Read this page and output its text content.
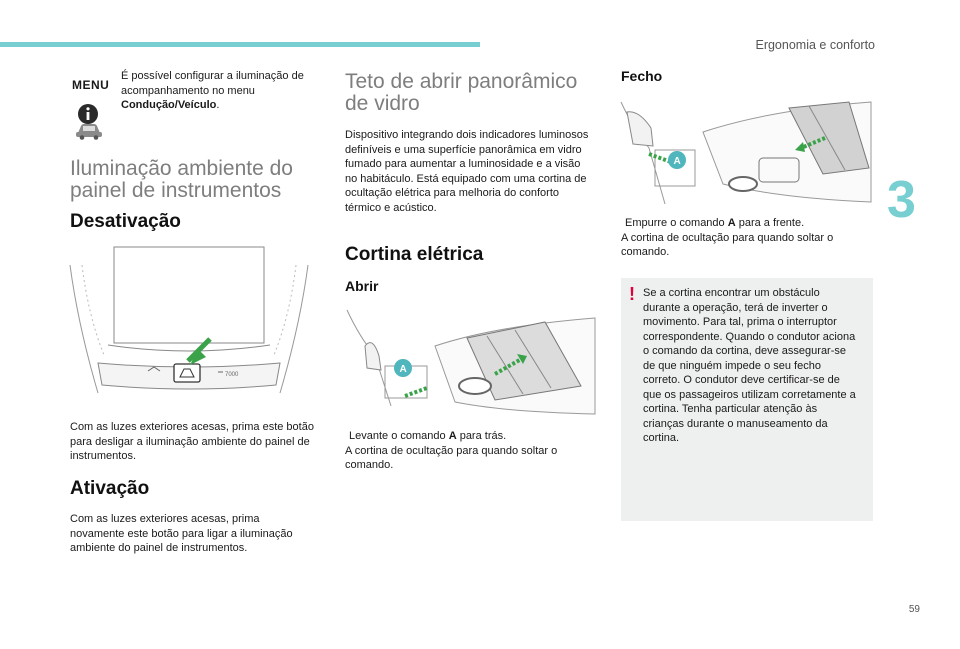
Ergonomia e conforto
3
MENU
É possível configurar a iluminação de acompanhamento no menu Condução/Veículo.
Iluminação ambiente do painel de instrumentos
Desativação
7000
Com as luzes exteriores acesas, prima este botão para desligar a iluminação ambiente do painel de instrumentos.
Ativação
Com as luzes exteriores acesas, prima novamente este botão para ligar a iluminação ambiente do painel de instrumentos.
Teto de abrir panorâmico de vidro
Dispositivo integrando dois indicadores luminosos definíveis e uma superfície panorâmica em vidro fumado para aumentar a luminosidade e a visão no habitáculo. Está equipado com uma cortina de ocultação elétrica para melhoria do conforto térmico e acústico.
Cortina elétrica
Abrir
A
Levante o comando A para trás.
A cortina de ocultação para quando soltar o comando.
Fecho
A
Empurre o comando A para a frente.
A cortina de ocultação para quando soltar o comando.
! Se a cortina encontrar um obstáculo durante a operação, terá de inverter o movimento. Para tal, prima o interruptor correspondente. Quando o condutor aciona o comando da cortina, deve assegurar-se de que ninguém impede o seu fecho correto. O condutor deve certificar-se de que os passageiros utilizam corretamente a cortina. Tenha particular atenção às crianças durante o manuseamento da cortina.
59
